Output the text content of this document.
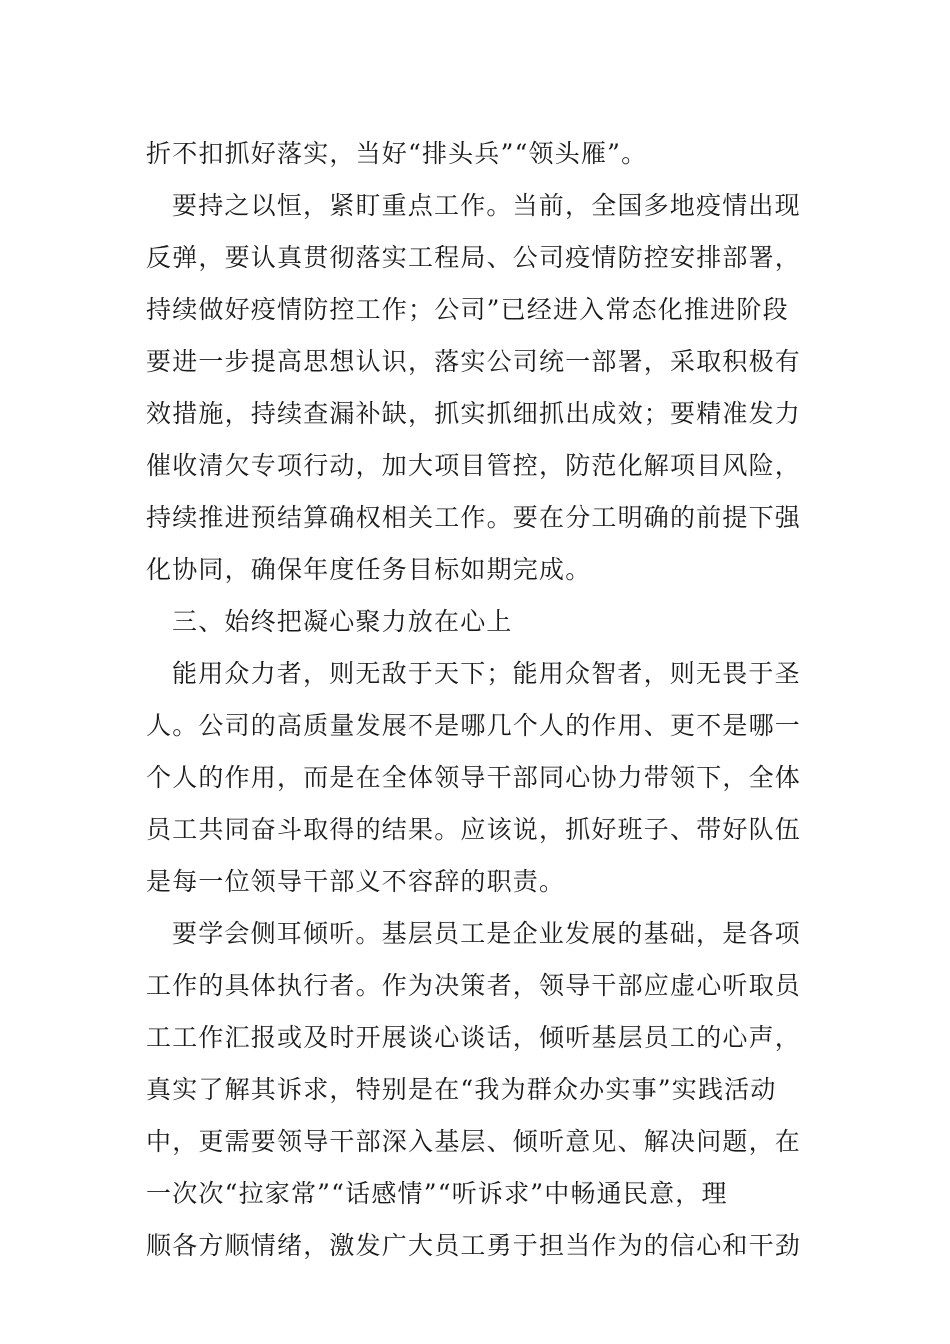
折不扣抓好落实，当好“排头兵”“领头雁”。
要持之以恒，紧盯重点工作。当前，全国多地疫情出现
反弹，要认真贯彻落实工程局、公司疫情防控安排部署，
持续做好疫情防控工作；公司”已经进入常态化推进阶段
要进一步提高思想认识，落实公司统一部署，采取积极有
效措施，持续查漏补缺，抓实抓细抓出成效；要精准发力
催收清欠专项行动，加大项目管控，防范化解项目风险，
持续推进预结算确权相关工作。要在分工明确的前提下强
化协同，确保年度任务目标如期完成。
三、始终把凝心聚力放在心上
能用众力者，则无敌于天下；能用众智者，则无畏于圣
人。公司的高质量发展不是哪几个人的作用、更不是哪一
个人的作用，而是在全体领导干部同心协力带领下，全体
员工共同奋斗取得的结果。应该说，抓好班子、带好队伍
是每一位领导干部义不容辞的职责。
要学会侧耳倾听。基层员工是企业发展的基础，是各项
工作的具体执行者。作为决策者，领导干部应虚心听取员
工工作汇报或及时开展谈心谈话，倾听基层员工的心声，
真实了解其诉求，特别是在“我为群众办实事”实践活动
中，更需要领导干部深入基层、倾听意见、解决问题，在
一次次“拉家常”“话感情”“听诉求”中畅通民意，理
顺各方顺情绪，激发广大员工勇于担当作为的信心和干劲
